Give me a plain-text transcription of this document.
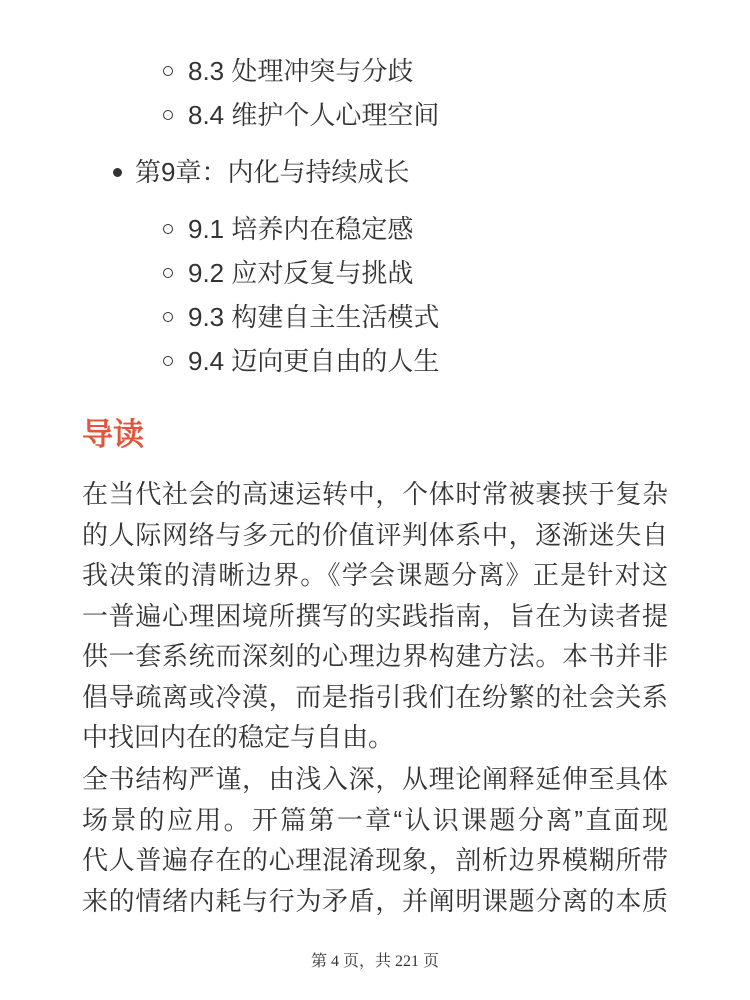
8.3 处理冲突与分歧
8.4 维护个人心理空间
第9章：内化与持续成长
9.1 培养内在稳定感
9.2 应对反复与挑战
9.3 构建自主生活模式
9.4 迈向更自由的人生
导读
在当代社会的高速运转中，个体时常被裹挟于复杂
的人际网络与多元的价值评判体系中，逐渐迷失自
我决策的清晰边界。《学会课题分离》正是针对这
一普遍心理困境所撰写的实践指南，旨在为读者提
供一套系统而深刻的心理边界构建方法。本书并非
倡导疏离或冷漠，而是指引我们在纷繁的社会关系
中找回内在的稳定与自由。
全书结构严谨，由浅入深，从理论阐释延伸至具体
场景的应用。开篇第一章“认识课题分离”直面现
代人普遍存在的心理混淆现象，剖析边界模糊所带
来的情绪内耗与行为矛盾，并阐明课题分离的本质
第 4 页，共 221 页
